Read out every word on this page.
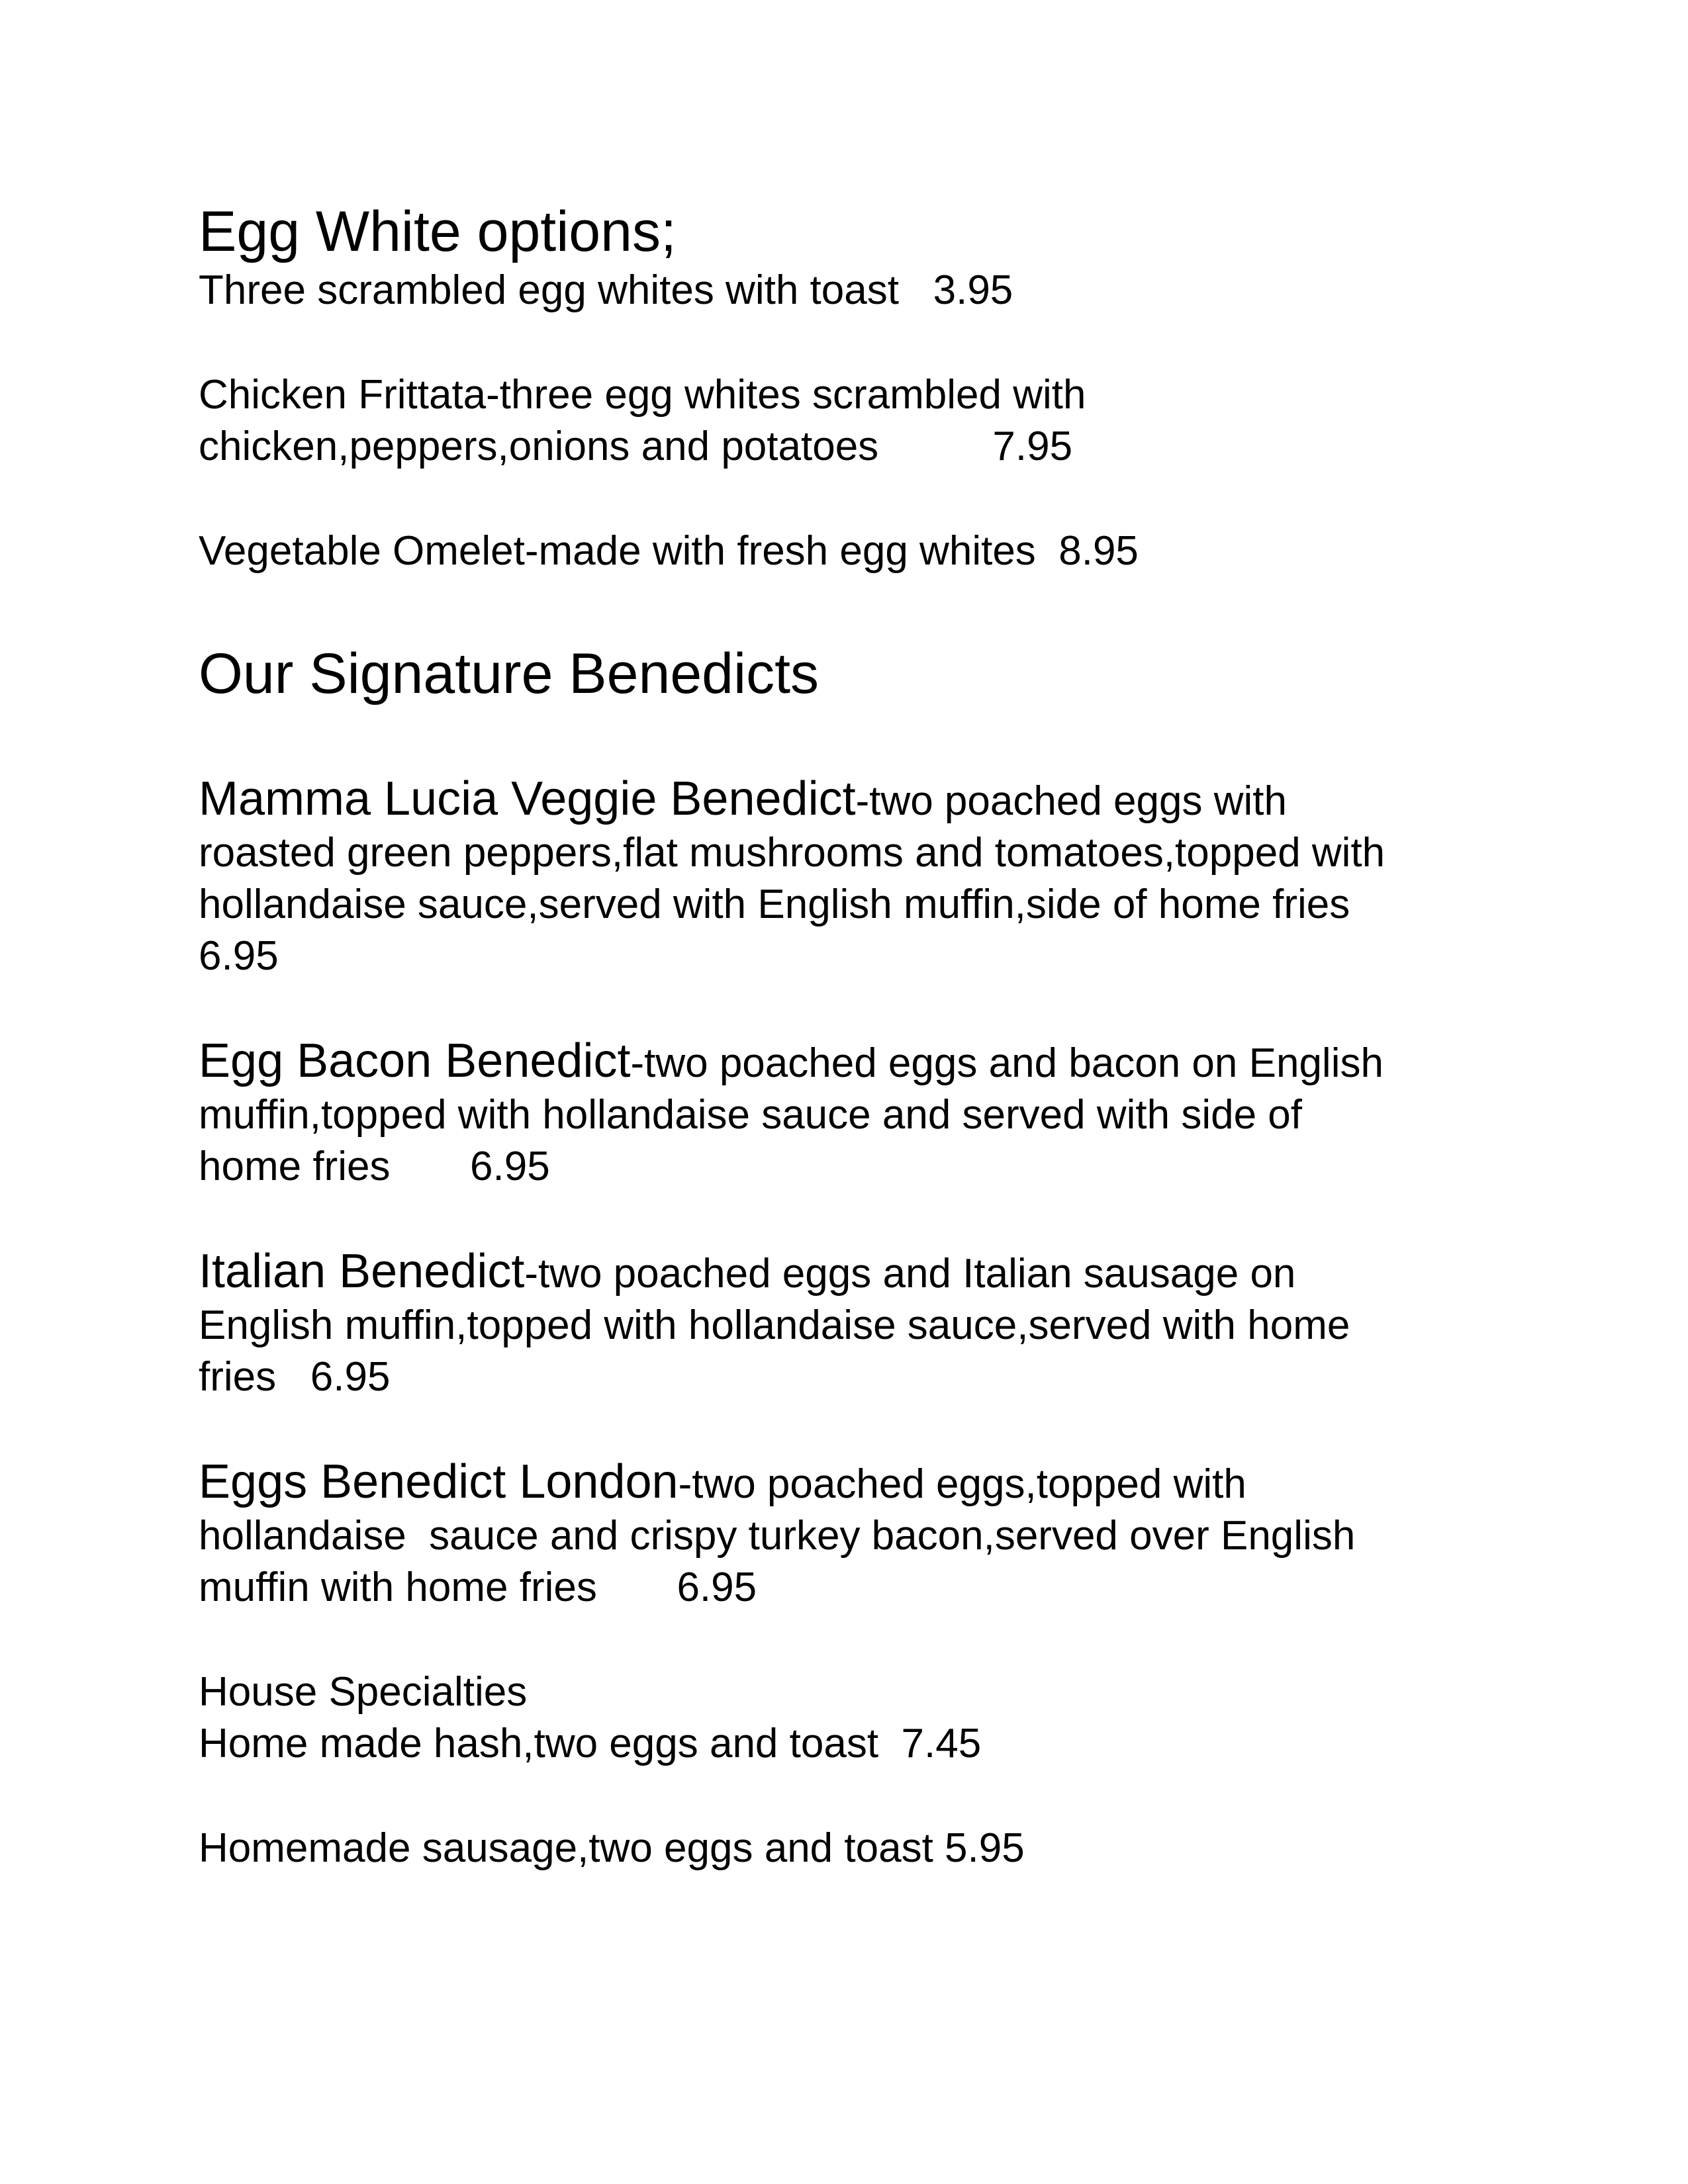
Egg White options;
Three scrambled egg whites with toast   3.95
Chicken Frittata-three egg whites scrambled with
chicken,peppers,onions and potatoes          7.95
Vegetable Omelet-made with fresh egg whites  8.95
Our Signature Benedicts
Mamma Lucia Veggie Benedict-two poached eggs with
roasted green peppers,flat mushrooms and tomatoes,topped with
hollandaise sauce,served with English muffin,side of home fries
6.95
Egg Bacon Benedict-two poached eggs and bacon on English
muffin,topped with hollandaise sauce and served with side of
home fries       6.95
Italian Benedict-two poached eggs and Italian sausage on
English muffin,topped with hollandaise sauce,served with home
fries   6.95
Eggs Benedict London-two poached eggs,topped with
hollandaise  sauce and crispy turkey bacon,served over English
muffin with home fries       6.95
House Specialties
Home made hash,two eggs and toast  7.45
Homemade sausage,two eggs and toast 5.95
